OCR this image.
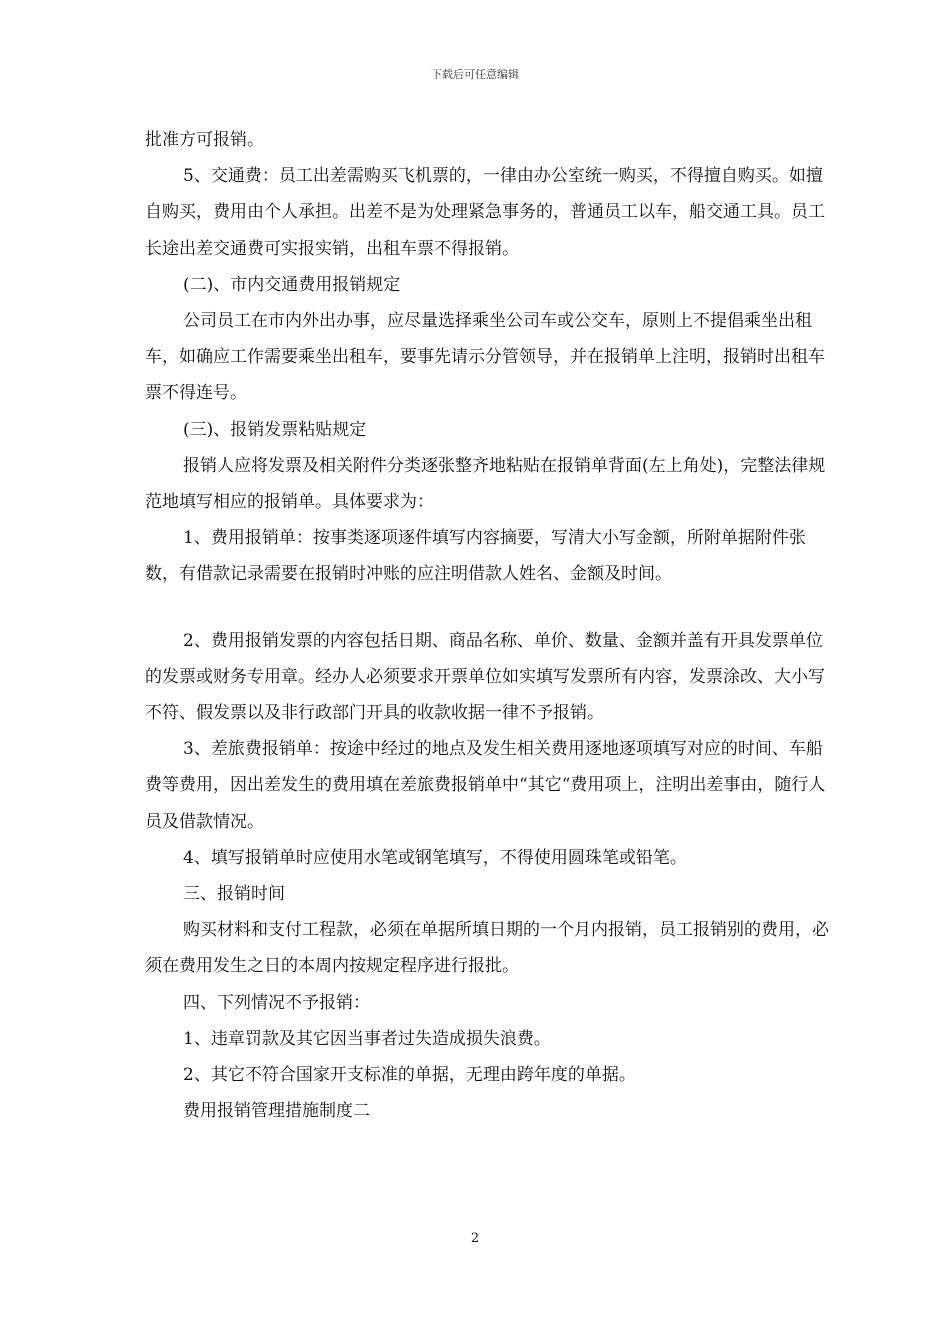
下载后可任意编辑

批准方可报销。

5、交通费：员工出差需购买飞机票的，一律由办公室统一购买，不得擅自购买。如擅自购买，费用由个人承担。出差不是为处理紧急事务的，普通员工以车，船交通工具。员工长途出差交通费可实报实销，出租车票不得报销。

(二)、市内交通费用报销规定

公司员工在市内外出办事，应尽量选择乘坐公司车或公交车，原则上不提倡乘坐出租车，如确应工作需要乘坐出租车，要事先请示分管领导，并在报销单上注明，报销时出租车票不得连号。

(三)、报销发票粘贴规定

报销人应将发票及相关附件分类逐张整齐地粘贴在报销单背面(左上角处)，完整法律规范地填写相应的报销单。具体要求为：

1、费用报销单：按事类逐项逐件填写内容摘要，写清大小写金额，所附单据附件张数，有借款记录需要在报销时冲账的应注明借款人姓名、金额及时间。

2、费用报销发票的内容包括日期、商品名称、单价、数量、金额并盖有开具发票单位的发票或财务专用章。经办人必须要求开票单位如实填写发票所有内容，发票涂改、大小写不符、假发票以及非行政部门开具的收款收据一律不予报销。

3、差旅费报销单：按途中经过的地点及发生相关费用逐地逐项填写对应的时间、车船费等费用，因出差发生的费用填在差旅费报销单中“其它“费用项上，注明出差事由，随行人员及借款情况。

4、填写报销单时应使用水笔或钢笔填写，不得使用圆珠笔或铅笔。

三、报销时间

购买材料和支付工程款，必须在单据所填日期的一个月内报销，员工报销别的费用，必须在费用发生之日的本周内按规定程序进行报批。

四、下列情况不予报销：

1、违章罚款及其它因当事者过失造成损失浪费。

2、其它不符合国家开支标准的单据，无理由跨年度的单据。

费用报销管理措施制度二

2
